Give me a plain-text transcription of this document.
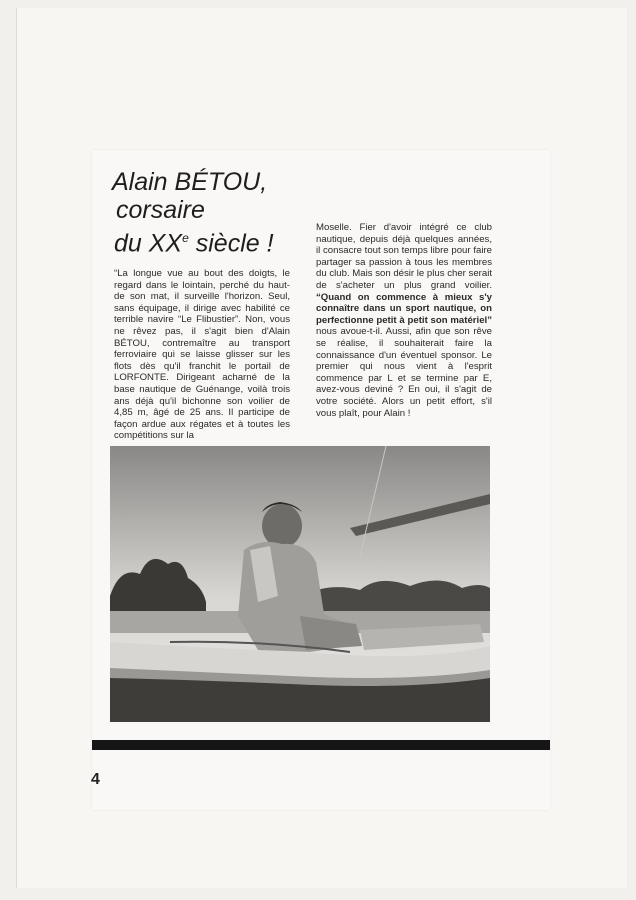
Alain BÉTOU,
corsaire
du XXe siècle !
“La longue vue au bout des doigts, le regard dans le lointain, perché du haut-de son mat, il surveille l'horizon. Seul, sans équipage, il dirige avec habilité ce terrible navire “Le Flibustier”. Non, vous ne rêvez pas, il s'agit bien d'Alain BÉTOU, contremaître au transport ferroviaire qui se laisse glisser sur les flots dès qu'il franchit le portail de LORFONTE. Dirigeant acharné de la base nautique de Guénange, voilà trois ans déjà qu'il bichonne son voilier de 4,85 m, âgé de 25 ans. Il participe de façon ardue aux régates et à toutes les compétitions sur la
Moselle. Fier d'avoir intégré ce club nautique, depuis déjà quelques années, il consacre tout son temps libre pour faire partager sa passion à tous les membres du club. Mais son désir le plus cher serait de s'acheter un plus grand voilier. “Quand on commence à mieux s'y connaître dans un sport nautique, on perfectionne petit à petit son matériel” nous avoue-t-il. Aussi, afin que son rêve se réalise, il souhaiterait faire la connaissance d'un éventuel sponsor. Le premier qui nous vient à l'esprit commence par L et se termine par E, avez-vous deviné ? En oui, il s'agit de votre société. Alors un petit effort, s'il vous plaît, pour Alain !
4
